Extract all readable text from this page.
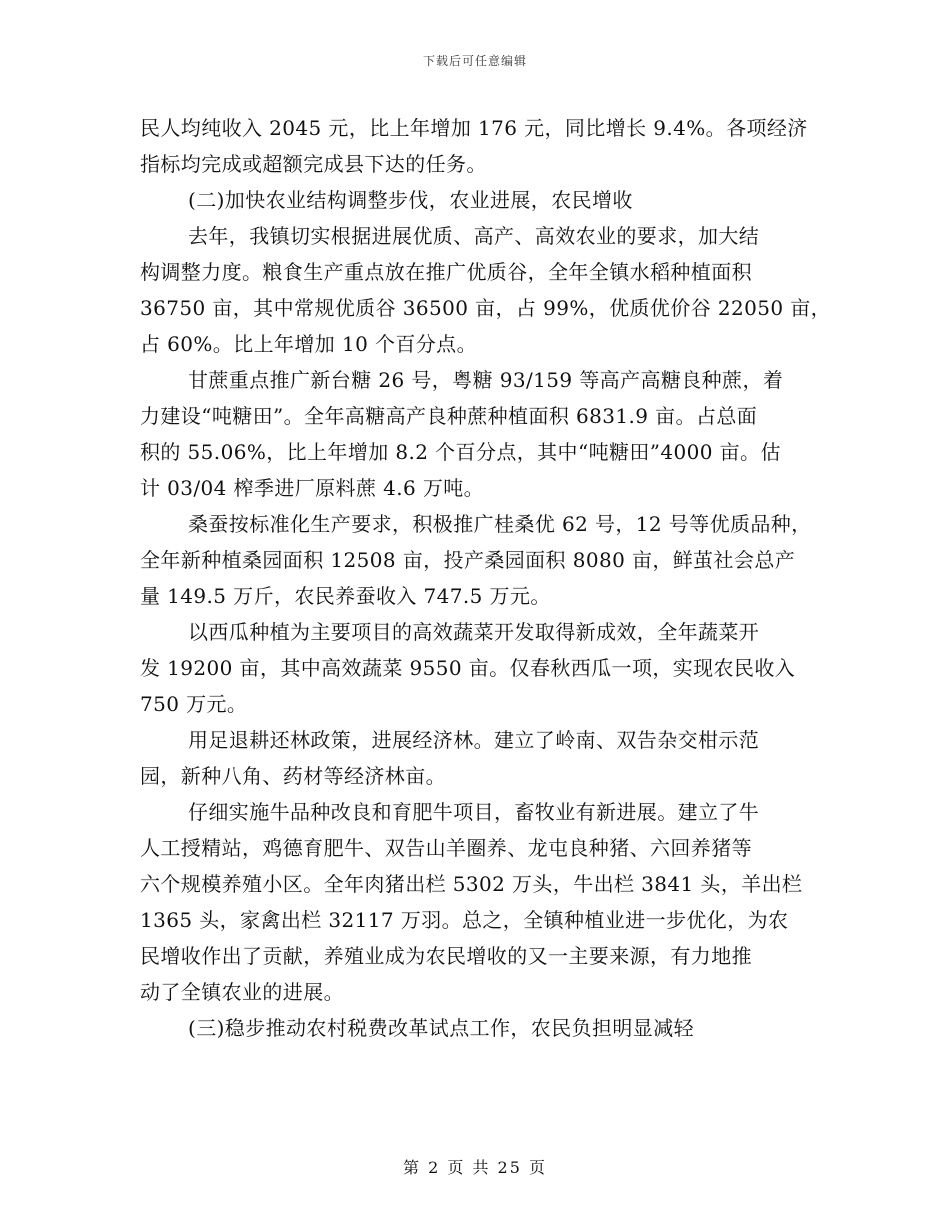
下载后可任意编辑
民人均纯收入 2045 元，比上年增加 176 元，同比增长 9.4%。各项经济
指标均完成或超额完成县下达的任务。
(二)加快农业结构调整步伐，农业进展，农民增收
去年，我镇切实根据进展优质、高产、高效农业的要求，加大结
构调整力度。粮食生产重点放在推广优质谷，全年全镇水稻种植面积
36750 亩，其中常规优质谷 36500 亩，占 99%，优质优价谷 22050 亩，
占 60%。比上年增加 10 个百分点。
甘蔗重点推广新台糖 26 号，粤糖 93/159 等高产高糖良种蔗，着
力建设“吨糖田”。全年高糖高产良种蔗种植面积 6831.9 亩。占总面
积的 55.06%，比上年增加 8.2 个百分点，其中“吨糖田”4000 亩。估
计 03/04 榨季进厂原料蔗 4.6 万吨。
桑蚕按标准化生产要求，积极推广桂桑优 62 号，12 号等优质品种，
全年新种植桑园面积 12508 亩，投产桑园面积 8080 亩，鲜茧社会总产
量 149.5 万斤，农民养蚕收入 747.5 万元。
以西瓜种植为主要项目的高效蔬菜开发取得新成效，全年蔬菜开
发 19200 亩，其中高效蔬菜 9550 亩。仅春秋西瓜一项，实现农民收入
750 万元。
用足退耕还林政策，进展经济林。建立了岭南、双告杂交柑示范
园，新种八角、药材等经济林亩。
仔细实施牛品种改良和育肥牛项目，畜牧业有新进展。建立了牛
人工授精站，鸡德育肥牛、双告山羊圈养、龙屯良种猪、六回养猪等
六个规模养殖小区。全年肉猪出栏 5302 万头，牛出栏 3841 头，羊出栏
1365 头，家禽出栏 32117 万羽。总之，全镇种植业进一步优化，为农
民增收作出了贡献，养殖业成为农民增收的又一主要来源，有力地推
动了全镇农业的进展。
(三)稳步推动农村税费改革试点工作，农民负担明显减轻
第 2 页 共 25 页
